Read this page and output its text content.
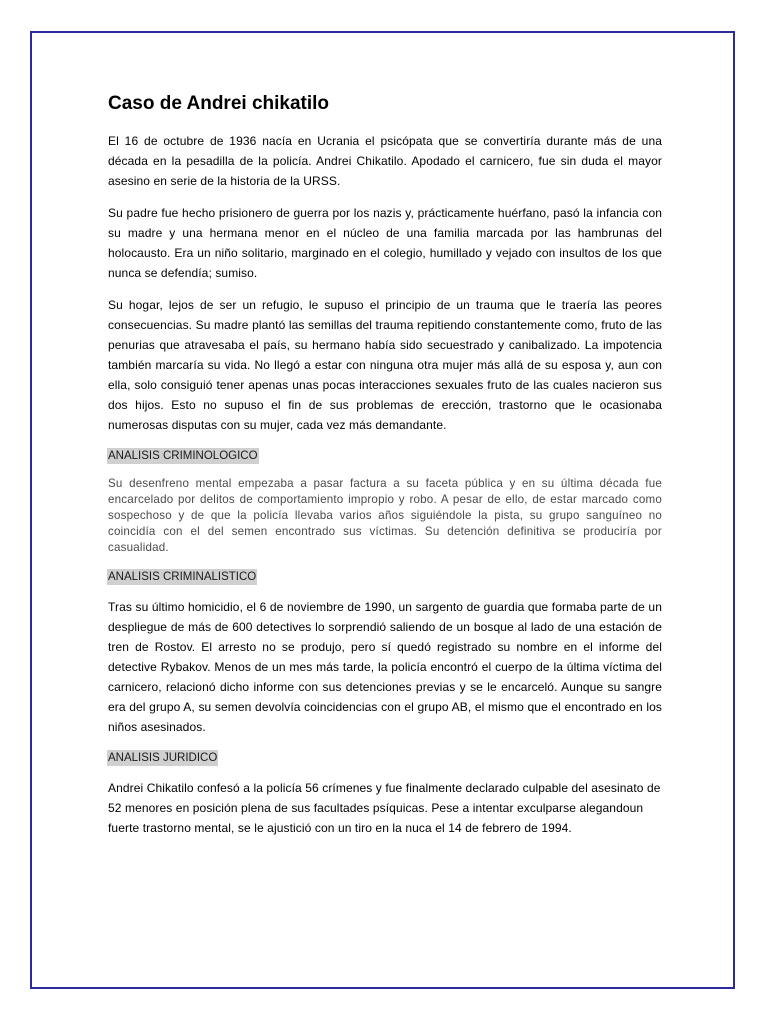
Caso de Andrei chikatilo

El 16 de octubre de 1936 nacía en Ucrania el psicópata que se convertiría durante más de una década en la pesadilla de la policía. Andrei Chikatilo. Apodado el carnicero, fue sin duda el mayor asesino en serie de la historia de la URSS.

Su padre fue hecho prisionero de guerra por los nazis y, prácticamente huérfano, pasó la infancia con su madre y una hermana menor en el núcleo de una familia marcada por las hambrunas del holocausto. Era un niño solitario, marginado en el colegio, humillado y vejado con insultos de los que nunca se defendía; sumiso.

Su hogar, lejos de ser un refugio, le supuso el principio de un trauma que le traería las peores consecuencias. Su madre plantó las semillas del trauma repitiendo constantemente como, fruto de las penurias que atravesaba el país, su hermano había sido secuestrado y canibalizado. La impotencia también marcaría su vida. No llegó a estar con ninguna otra mujer más allá de su esposa y, aun con ella, solo consiguió tener apenas unas pocas interacciones sexuales fruto de las cuales nacieron sus dos hijos. Esto no supuso el fin de sus problemas de erección, trastorno que le ocasionaba numerosas disputas con su mujer, cada vez más demandante.

ANALISIS CRIMINOLOGICO

Su desenfreno mental empezaba a pasar factura a su faceta pública y en su última década fue encarcelado por delitos de comportamiento impropio y robo. A pesar de ello, de estar marcado como sospechoso y de que la policía llevaba varios años siguiéndole la pista, su grupo sanguíneo no coincidía con el del semen encontrado sus víctimas. Su detención definitiva se produciría por casualidad.

ANALISIS CRIMINALISTICO

Tras su último homicidio, el 6 de noviembre de 1990, un sargento de guardia que formaba parte de un despliegue de más de 600 detectives lo sorprendió saliendo de un bosque al lado de una estación de tren de Rostov. El arresto no se produjo, pero sí quedó registrado su nombre en el informe del detective Rybakov. Menos de un mes más tarde, la policía encontró el cuerpo de la última víctima del carnicero, relacionó dicho informe con sus detenciones previas y se le encarceló. Aunque su sangre era del grupo A, su semen devolvía coincidencias con el grupo AB, el mismo que el encontrado en los niños asesinados.

ANALISIS JURIDICO

Andrei Chikatilo confesó a la policía 56 crímenes y fue finalmente declarado culpable del asesinato de 52 menores en posición plena de sus facultades psíquicas. Pese a intentar exculparse alegandoun fuerte trastorno mental, se le ajustició con un tiro en la nuca el 14 de febrero de 1994.
